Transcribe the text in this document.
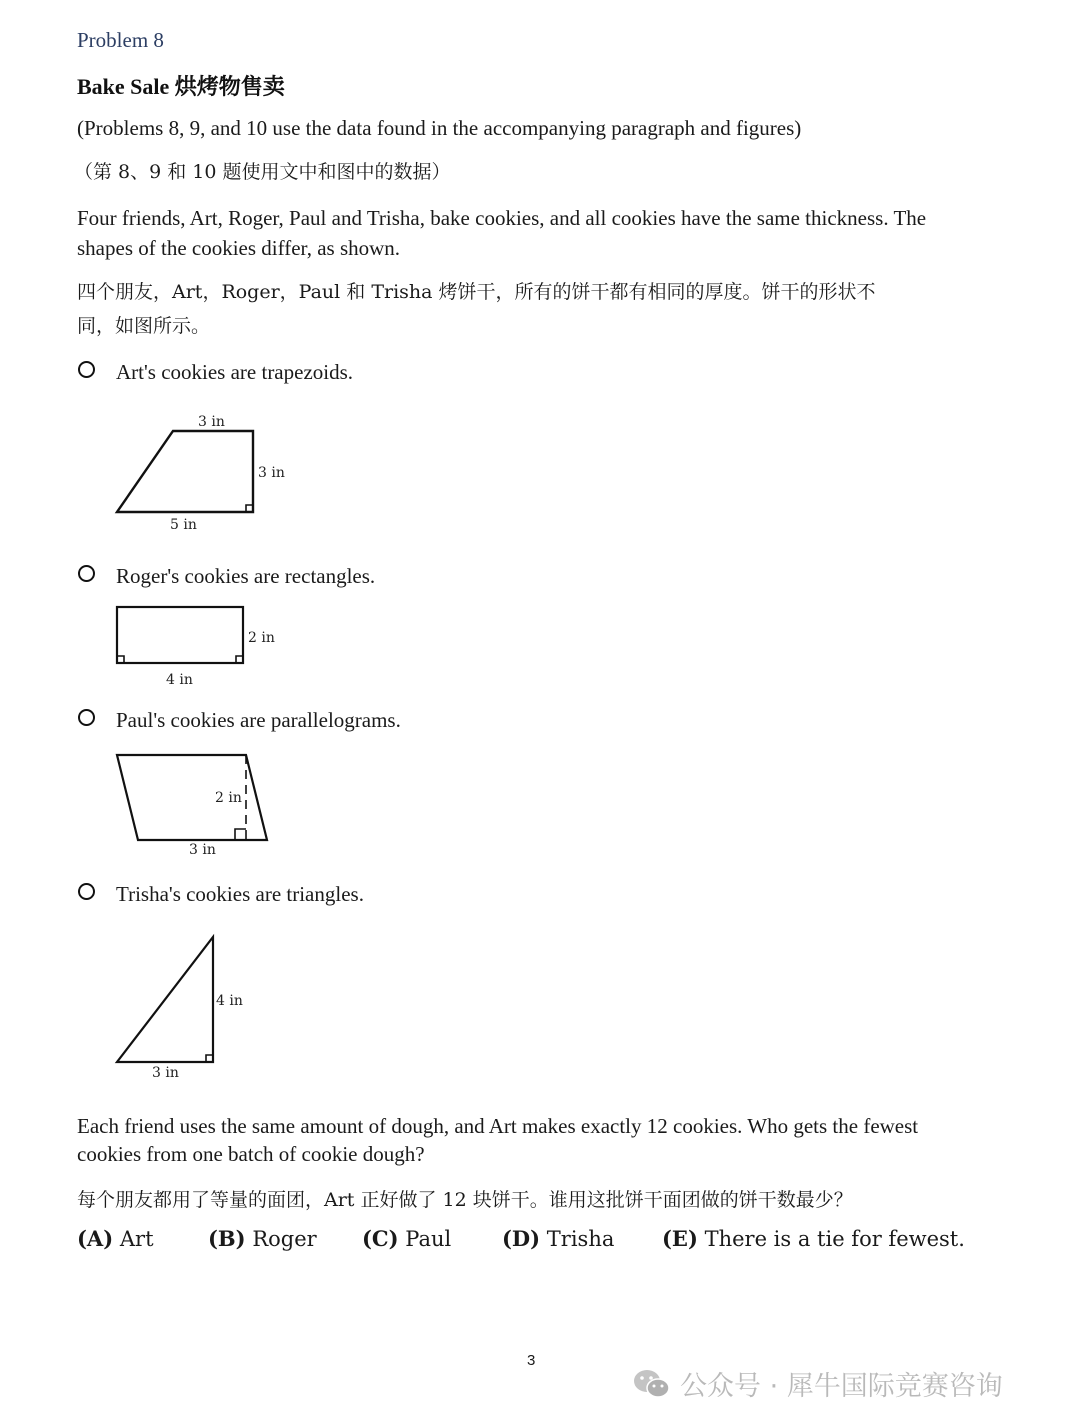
Problem 8
Bake Sale 烘烤物售卖
(Problems 8, 9, and 10 use the data found in the accompanying paragraph and figures)
（第 8、9 和 10 题使用文中和图中的数据）
Four friends, Art, Roger, Paul and Trisha, bake cookies, and all cookies have the same thickness. The
shapes of the cookies differ, as shown.
四个朋友，Art，Roger，Paul 和 Trisha 烤饼干，所有的饼干都有相同的厚度。饼干的形状不
同，如图所示。
Art's cookies are trapezoids.
3 in
3 in
5 in
Roger's cookies are rectangles.
2 in
4 in
Paul's cookies are parallelograms.
2 in
3 in
Trisha's cookies are triangles.
4 in
3 in
Each friend uses the same amount of dough, and Art makes exactly 12 cookies. Who gets the fewest
cookies from one batch of cookie dough?
每个朋友都用了等量的面团，Art 正好做了 12 块饼干。谁用这批饼干面团做的饼干数最少？
(A) Art	(B) Roger (C) Paul (D) Trisha (E) There is a tie for fewest.
3
公众号 · 犀牛国际竞赛咨询
